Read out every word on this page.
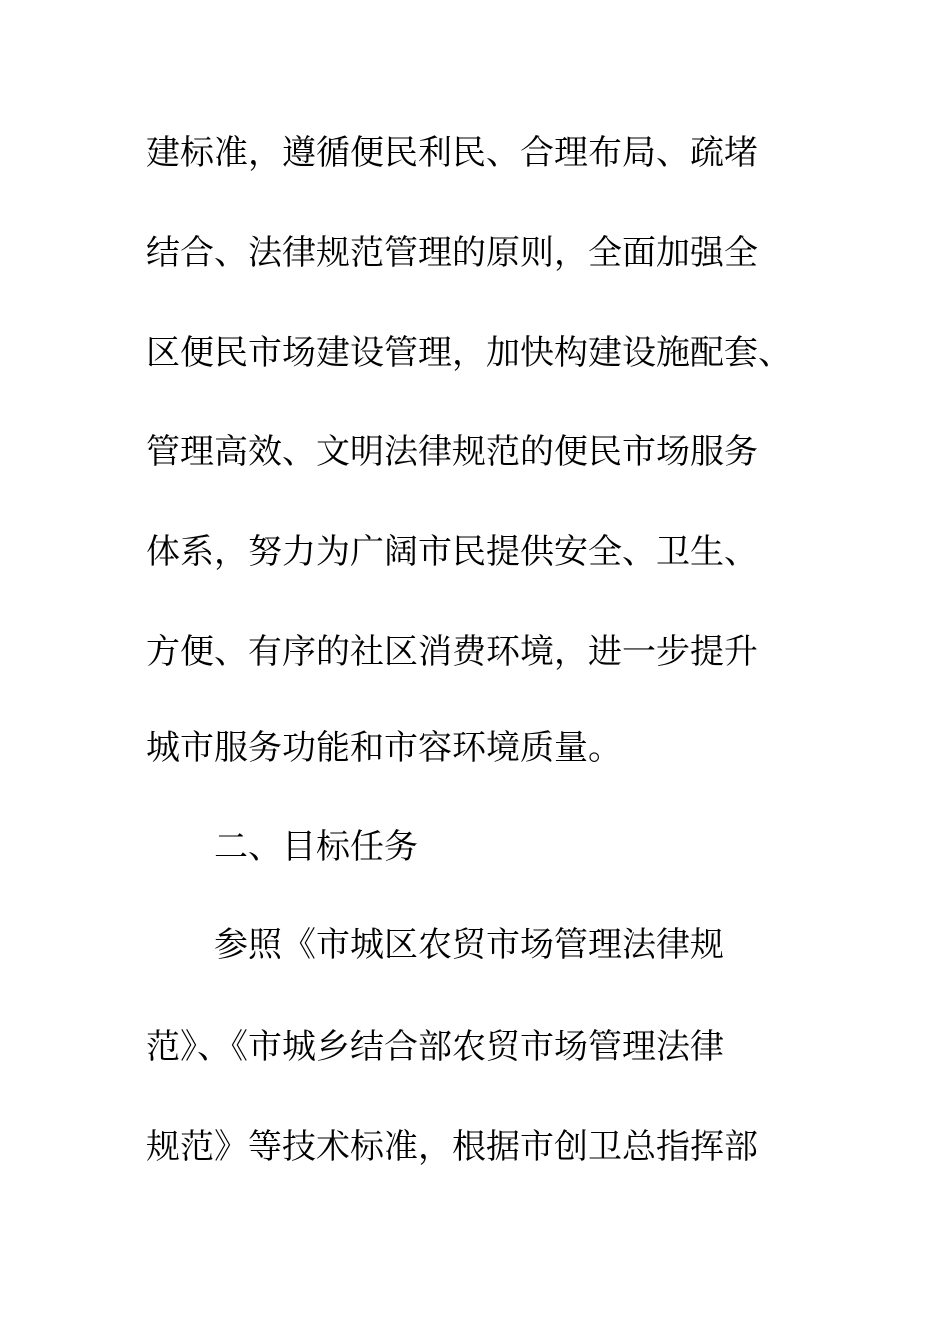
建标准，遵循便民利民、合理布局、疏堵
结合、法律规范管理的原则，全面加强全
区便民市场建设管理，加快构建设施配套、
管理高效、文明法律规范的便民市场服务
体系，努力为广阔市民提供安全、卫生、
方便、有序的社区消费环境，进一步提升
城市服务功能和市容环境质量。
二、目标任务
参照《市城区农贸市场管理法律规
范》、《市城乡结合部农贸市场管理法律
规范》等技术标准，根据市创卫总指挥部
